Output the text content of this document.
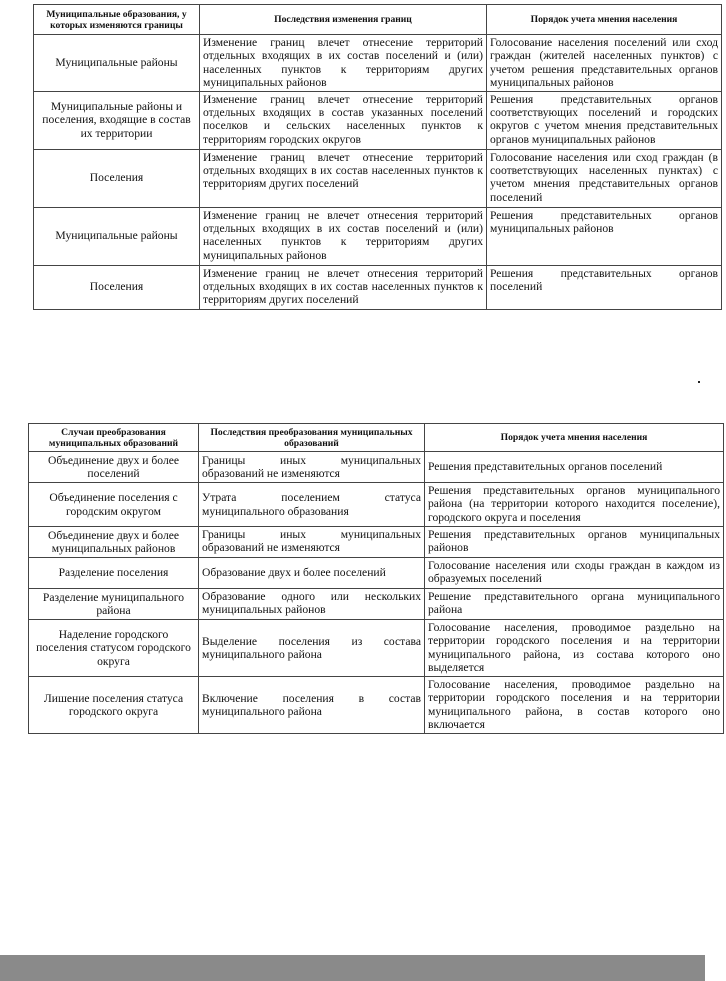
Муниципальные образования, у которых изменяются границы	Последствия изменения границ	Порядок учета мнения населения
Муниципальные районы	Изменение границ влечет отнесение территорий отдельных входящих в их состав поселений и (или) населенных пунктов к территориям других муниципальных районов	Голосование населения поселений или сход граждан (жителей населенных пунктов) с учетом решения представительных органов муниципальных районов
Муниципальные районы и поселения, входящие в состав их территории	Изменение границ влечет отнесение территорий отдельных входящих в состав указанных поселений поселков и сельских населенных пунктов к территориям городских округов	Решения представительных органов соответствующих поселений и городских округов с учетом мнения представительных органов муниципальных районов
Поселения	Изменение границ влечет отнесение территорий отдельных входящих в их состав населенных пунктов к территориям других поселений	Голосование населения или сход граждан (в соответствующих населенных пунктах) с учетом мнения представительных органов поселений
Муниципальные районы	Изменение границ не влечет отнесения территорий отдельных входящих в их состав поселений и (или) населенных пунктов к территориям других муниципальных районов	Решения представительных органов муниципальных районов
Поселения	Изменение границ не влечет отнесения территорий отдельных входящих в их состав населенных пунктов к территориям других поселений	Решения представительных органов поселений
Случаи преобразования муниципальных образований	Последствия преобразования муниципальных образований	Порядок учета мнения населения
Объединение двух и более поселений	Границы иных муниципальных образований не изменяются	Решения представительных органов поселений
Объединение поселения с городским округом	Утрата поселением статуса муниципального образования	Решения представительных органов муниципального района (на территории которого находится поселение), городского округа и поселения
Объединение двух и более муниципальных районов	Границы иных муниципальных образований не изменяются	Решения представительных органов муниципальных районов
Разделение поселения	Образование двух и более поселений	Голосование населения или сходы граждан в каждом из образуемых поселений
Разделение муниципального района	Образование одного или нескольких муниципальных районов	Решение представительного органа муниципального района
Наделение городского поселения статусом городского округа	Выделение поселения из состава муниципального района	Голосование населения, проводимое раздельно на территории городского поселения и на территории муниципального района, из состава которого оно выделяется
Лишение поселения статуса городского округа	Включение поселения в состав муниципального района	Голосование населения, проводимое раздельно на территории городского поселения и на территории муниципального района, в состав которого оно включается
